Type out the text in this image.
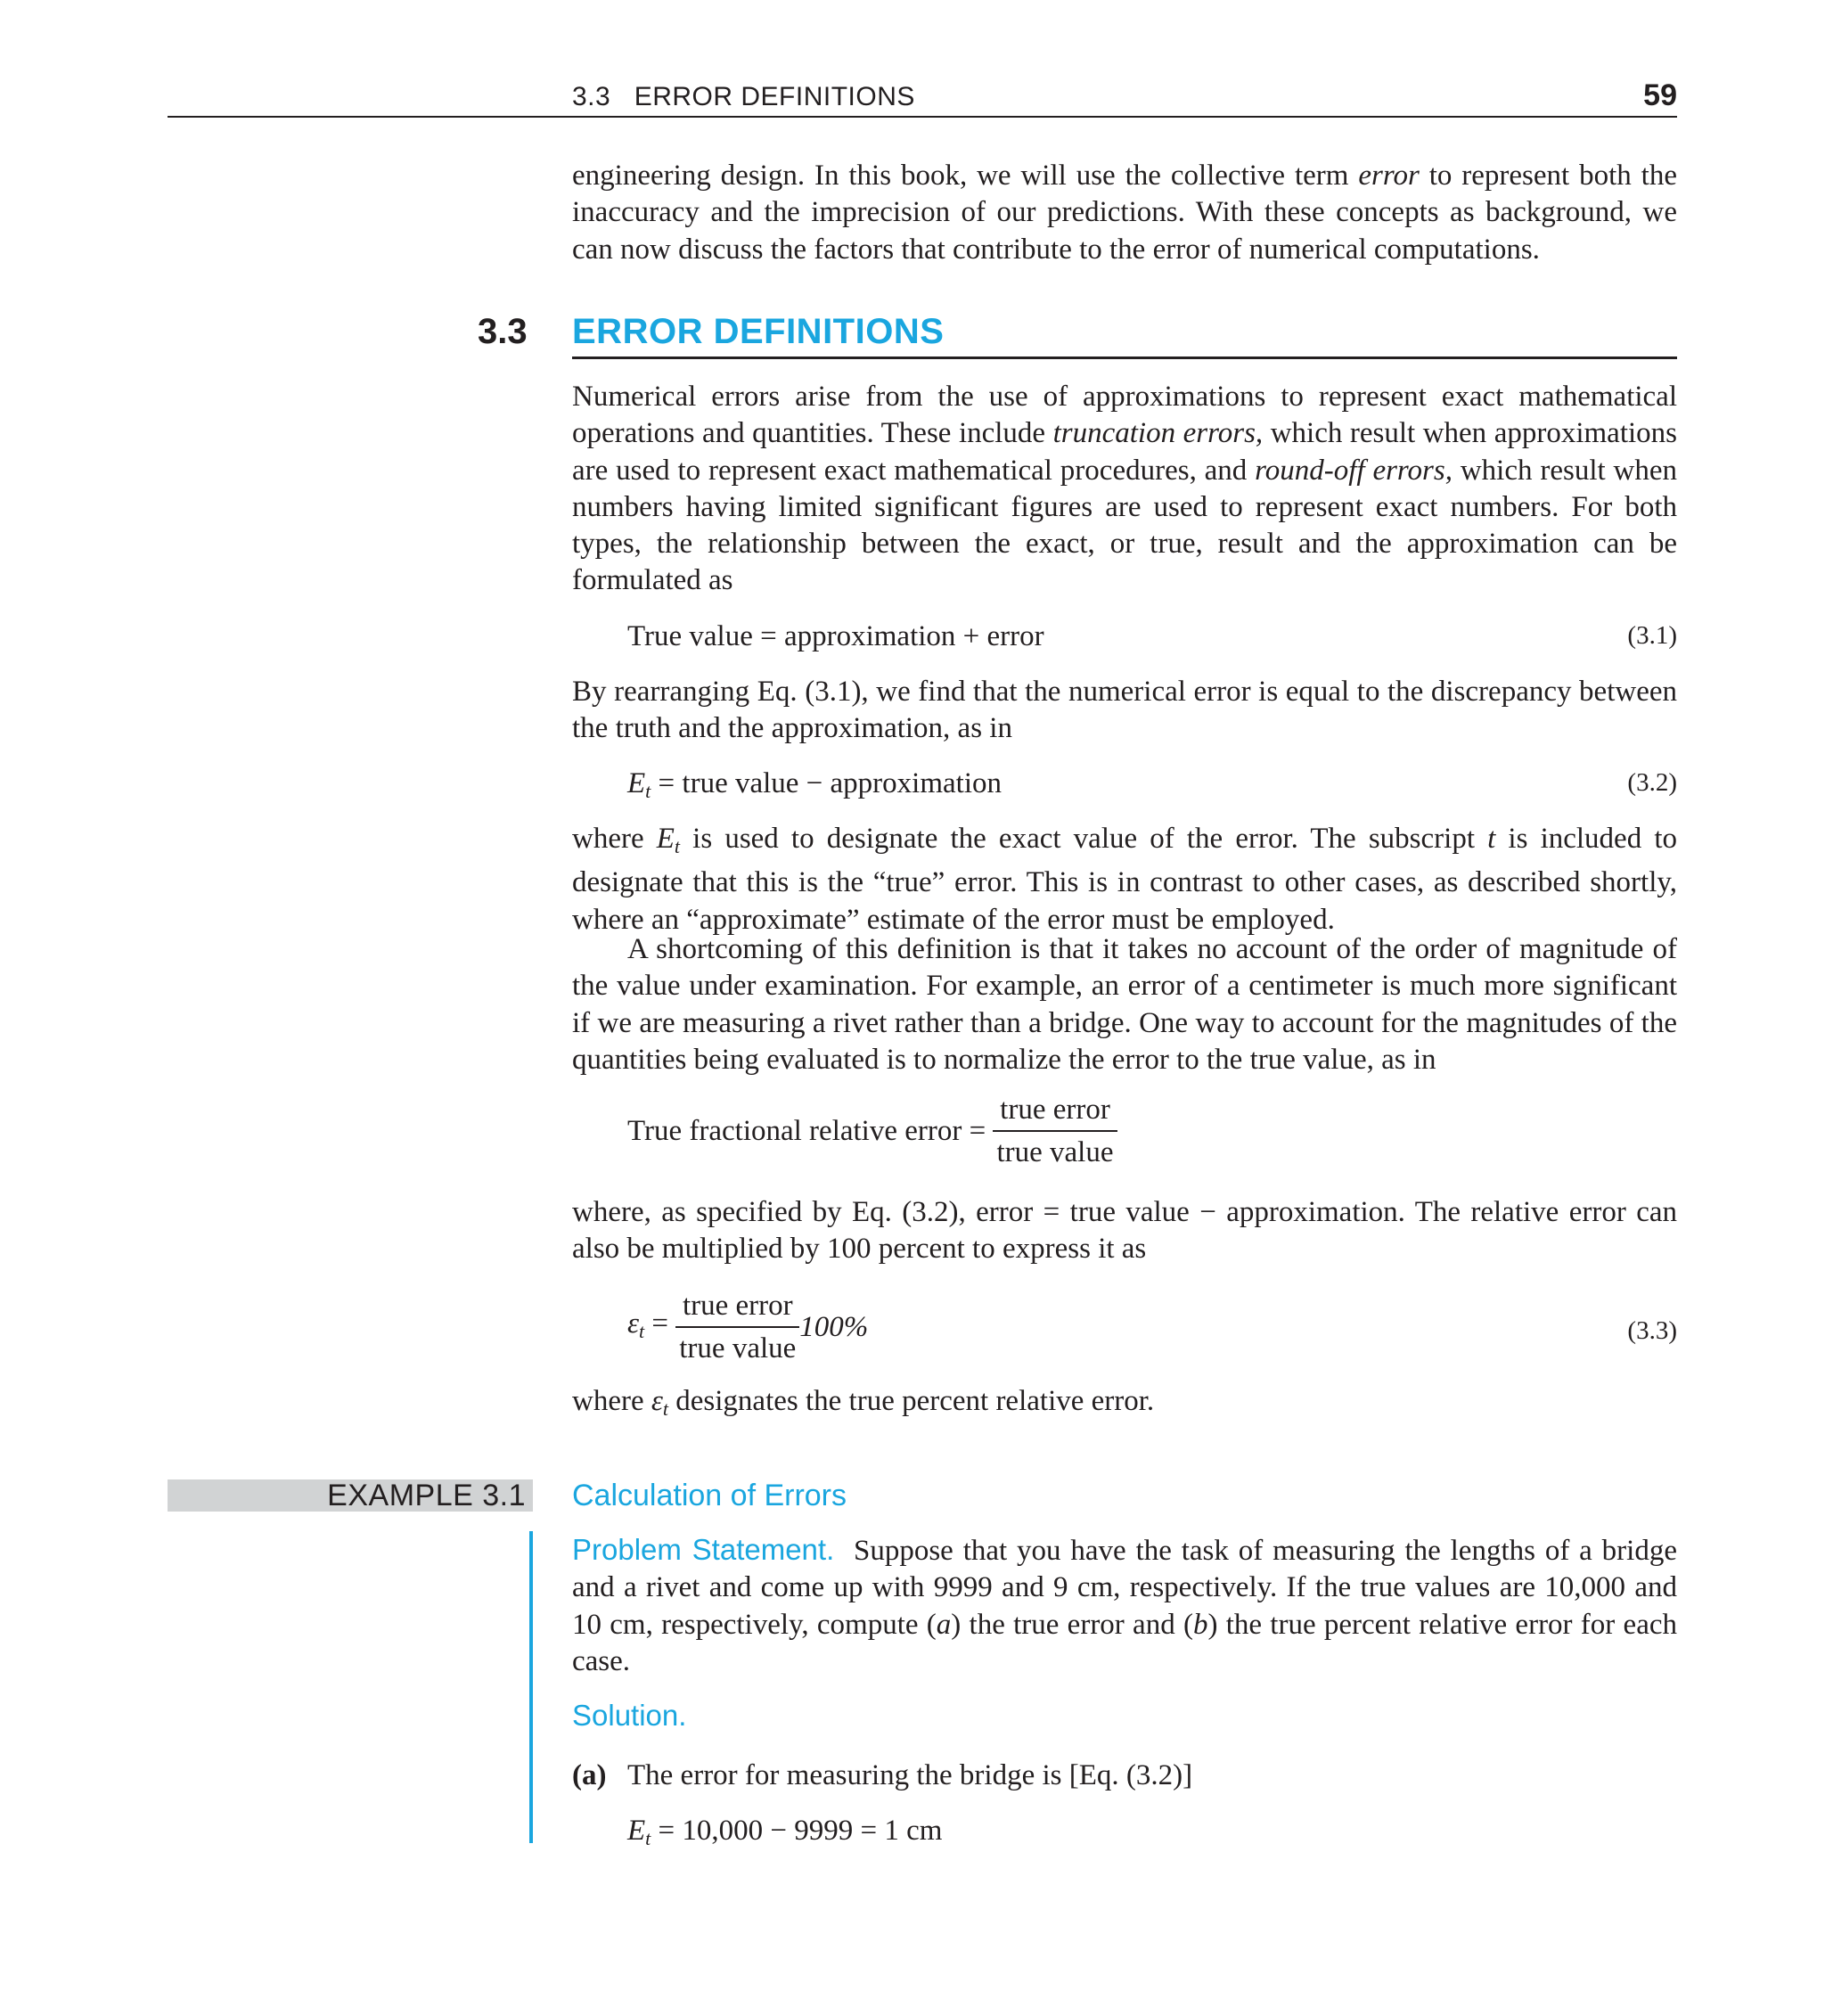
3.3   ERROR DEFINITIONS	59
engineering design. In this book, we will use the collective term error to represent both the inaccuracy and the imprecision of our predictions. With these concepts as background, we can now discuss the factors that contribute to the error of numerical computations.
3.3 ERROR DEFINITIONS
Numerical errors arise from the use of approximations to represent exact mathematical operations and quantities. These include truncation errors, which result when approximations are used to represent exact mathematical procedures, and round-off errors, which result when numbers having limited significant figures are used to represent exact numbers. For both types, the relationship between the exact, or true, result and the approximation can be formulated as
True value = approximation + error	(3.1)
By rearranging Eq. (3.1), we find that the numerical error is equal to the discrepancy between the truth and the approximation, as in
$E_t$ = true value − approximation	(3.2)
where $E_t$ is used to designate the exact value of the error. The subscript t is included to designate that this is the “true” error. This is in contrast to other cases, as described shortly, where an “approximate” estimate of the error must be employed.
A shortcoming of this definition is that it takes no account of the order of magnitude of the value under examination. For example, an error of a centimeter is much more significant if we are measuring a rivet rather than a bridge. One way to account for the magnitudes of the quantities being evaluated is to normalize the error to the true value, as in
True fractional relative error = $\frac{\text{true error}}{\text{true value}}$
where, as specified by Eq. (3.2), error = true value − approximation. The relative error can also be multiplied by 100 percent to express it as
$\varepsilon_t = \frac{\text{true error}}{\text{true value}} 100\%$	(3.3)
where $\varepsilon_t$ designates the true percent relative error.
EXAMPLE 3.1 Calculation of Errors
Problem Statement. Suppose that you have the task of measuring the lengths of a bridge and a rivet and come up with 9999 and 9 cm, respectively. If the true values are 10,000 and 10 cm, respectively, compute (a) the true error and (b) the true percent relative error for each case.
Solution.
(a) The error for measuring the bridge is [Eq. (3.2)]
$E_t = 10,000 - 9999 = 1$ cm
